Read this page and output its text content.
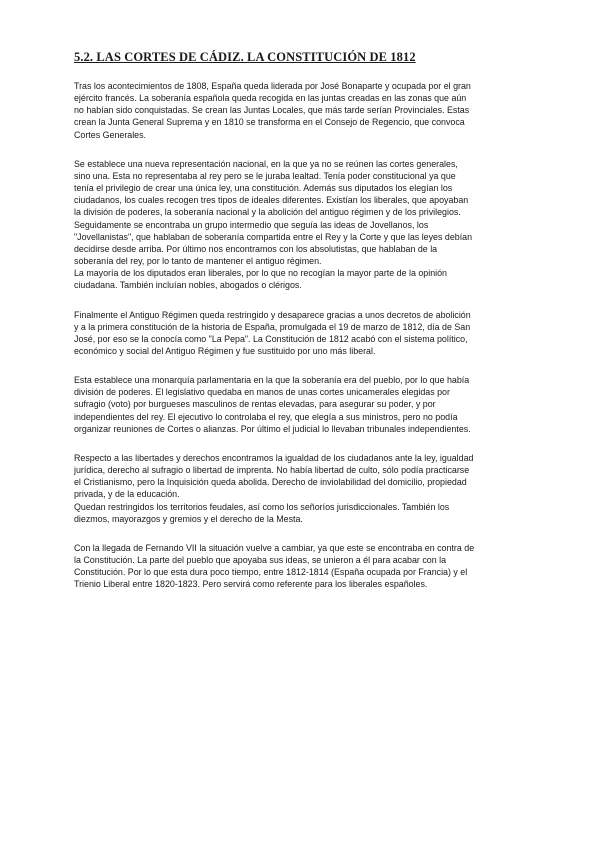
5.2. LAS CORTES DE CÁDIZ. LA CONSTITUCIÓN DE 1812

Tras los acontecimientos de 1808, España queda liderada por José Bonaparte y ocupada por el gran
ejército francés. La soberanía española queda recogida en las juntas creadas en las zonas que aún
no habían sido conquistadas. Se crean las Juntas Locales, que más tarde serían Provinciales. Estas
crean la Junta General Suprema y en 1810 se transforma en el Consejo de Regencio, que convoca
Cortes Generales.

Se establece una nueva representación nacional, en la que ya no se reúnen las cortes generales,
sino una. Esta no representaba al rey pero se le juraba lealtad. Tenía poder constitucional ya que
tenía el privilegio de crear una única ley, una constitución. Además sus diputados los elegían los
ciudadanos, los cuales recogen tres tipos de ideales diferentes. Existían los liberales, que apoyaban
la división de poderes, la soberanía nacional y la abolición del antiguo régimen y de los privilegios.
Seguidamente se encontraba un grupo intermedio que seguía las ideas de Jovellanos, los
"Jovellanistas", que hablaban de soberanía compartida entre el Rey y la Corte y que las leyes debían
decidirse desde arriba. Por último nos encontramos con los absolutistas, que hablaban de la
soberanía del rey, por lo tanto de mantener el antiguo régimen.
La mayoría de los diputados eran liberales, por lo que no recogían la mayor parte de la opinión
ciudadana. También incluían nobles, abogados o clérigos.

Finalmente el Antiguo Régimen queda restringido y desaparece gracias a unos decretos de abolición
y a la primera constitución de la historia de España, promulgada el 19 de marzo de 1812, día de San
José, por eso se la conocía como "La Pepa". La Constitución de 1812 acabó con el sistema político,
económico y social del Antiguo Régimen y fue sustituido por uno más liberal.

Esta establece una monarquía parlamentaria en la que la soberanía era del pueblo, por lo que había
división de poderes. El legislativo quedaba en manos de unas cortes unicamerales elegidas por
sufragio (voto) por burgueses masculinos de rentas elevadas, para asegurar su poder, y por
independientes del rey. El ejecutivo lo controlaba el rey, que elegía a sus ministros, pero no podía
organizar reuniones de Cortes o alianzas. Por último el judicial lo llevaban tribunales independientes.

Respecto a las libertades y derechos encontramos la igualdad de los ciudadanos ante la ley, igualdad
jurídica, derecho al sufragio o libertad de imprenta. No había libertad de culto, sólo podía practicarse
el Cristianismo, pero la Inquisición queda abolida. Derecho de inviolabilidad del domicilio, propiedad
privada, y de la educación.
Quedan restringidos los territorios feudales, así como los señoríos jurisdiccionales. También los
diezmos, mayorazgos y gremios y el derecho de la Mesta.

Con la llegada de Fernando VII la situación vuelve a cambiar, ya que este se encontraba en contra de
la Constitución. La parte del pueblo que apoyaba sus ideas, se unieron a él para acabar con la
Constitución. Por lo que esta dura poco tiempo, entre 1812-1814 (España ocupada por Francia) y el
Trienio Liberal entre 1820-1823. Pero servirá como referente para los liberales españoles.
